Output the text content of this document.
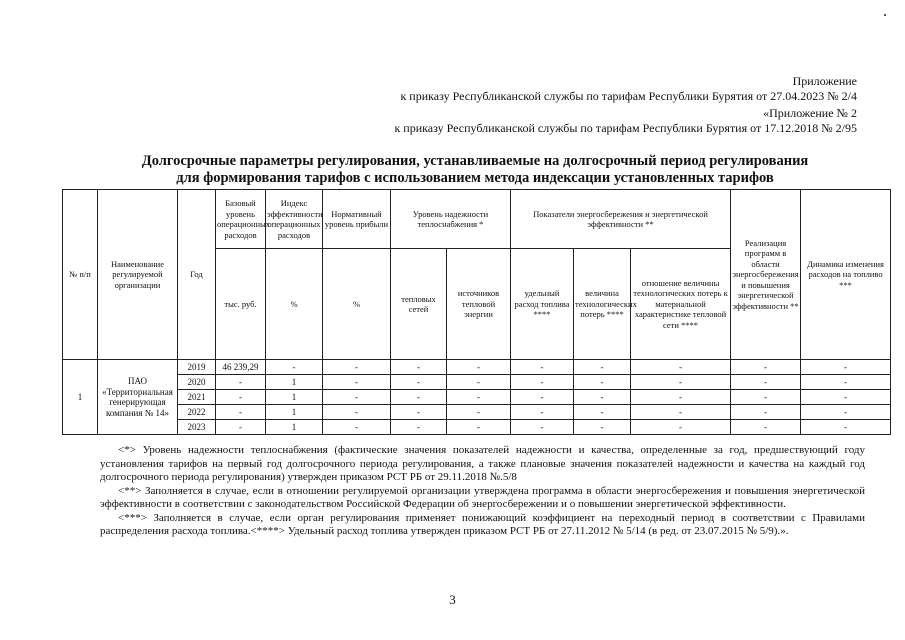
Приложение
к приказу Республиканской службы по тарифам Республики Бурятия от 27.04.2023 № 2/4
«Приложение № 2
к приказу Республиканской службы по тарифам Республики Бурятия от 17.12.2018 № 2/95
Долгосрочные параметры регулирования, устанавливаемые на долгосрочный период регулирования
для формирования тарифов с использованием метода индексации установленных тарифов
№ п/п	Наименование регулируемой организации	Год	Базовый уровень операционных расходов	Индекс эффективности операционных расходов	Нормативный уровень прибыли	Уровень надежности теплоснабжения *		Показатели энергосбережения и энергетической эффективности **			Реализация программ в области энергосбережения и повышения энергетической эффективности **	Динамика изменения расходов на топливо ***
			тыс. руб.	%	%	тепловых сетей	источников тепловой энергии	удельный расход топлива ****	величина технологических потерь ****	отношение величины технологических потерь к материальной характеристике тепловой сети ****		
1	ПАО «Территориальная генерирующая компания № 14»	2019	46 239,29	-	-	-	-	-	-	-	-	-
		2020	-	1	-	-	-	-	-	-	-	-
		2021	-	1	-	-	-	-	-	-	-	-
		2022	-	1	-	-	-	-	-	-	-	-
		2023	-	1	-	-	-	-	-	-	-	-

<*> Уровень надежности теплоснабжения (фактические значения показателей надежности и качества, определенные за год, предшествующий году установления тарифов на первый год долгосрочного периода регулирования, а также плановые значения показателей надежности и качества на каждый год долгосрочного периода регулирования) утвержден приказом РСТ РБ от 29.11.2018 №.5/8

<**> Заполняется в случае, если в отношении регулируемой организации утверждена программа в области энергосбережения и повышения энергетической эффективности в соответствии с законодательством Российской Федерации об энергосбережении и о повышении энергетической эффективности.

<***> Заполняется в случае, если орган регулирования применяет понижающий коэффициент на переходный период в соответствии с Правилами распределения расхода топлива.<****> Удельный расход топлива утвержден приказом РСТ РБ от 27.11.2012 № 5/14 (в ред. от 23.07.2015 № 5/9).».

3
